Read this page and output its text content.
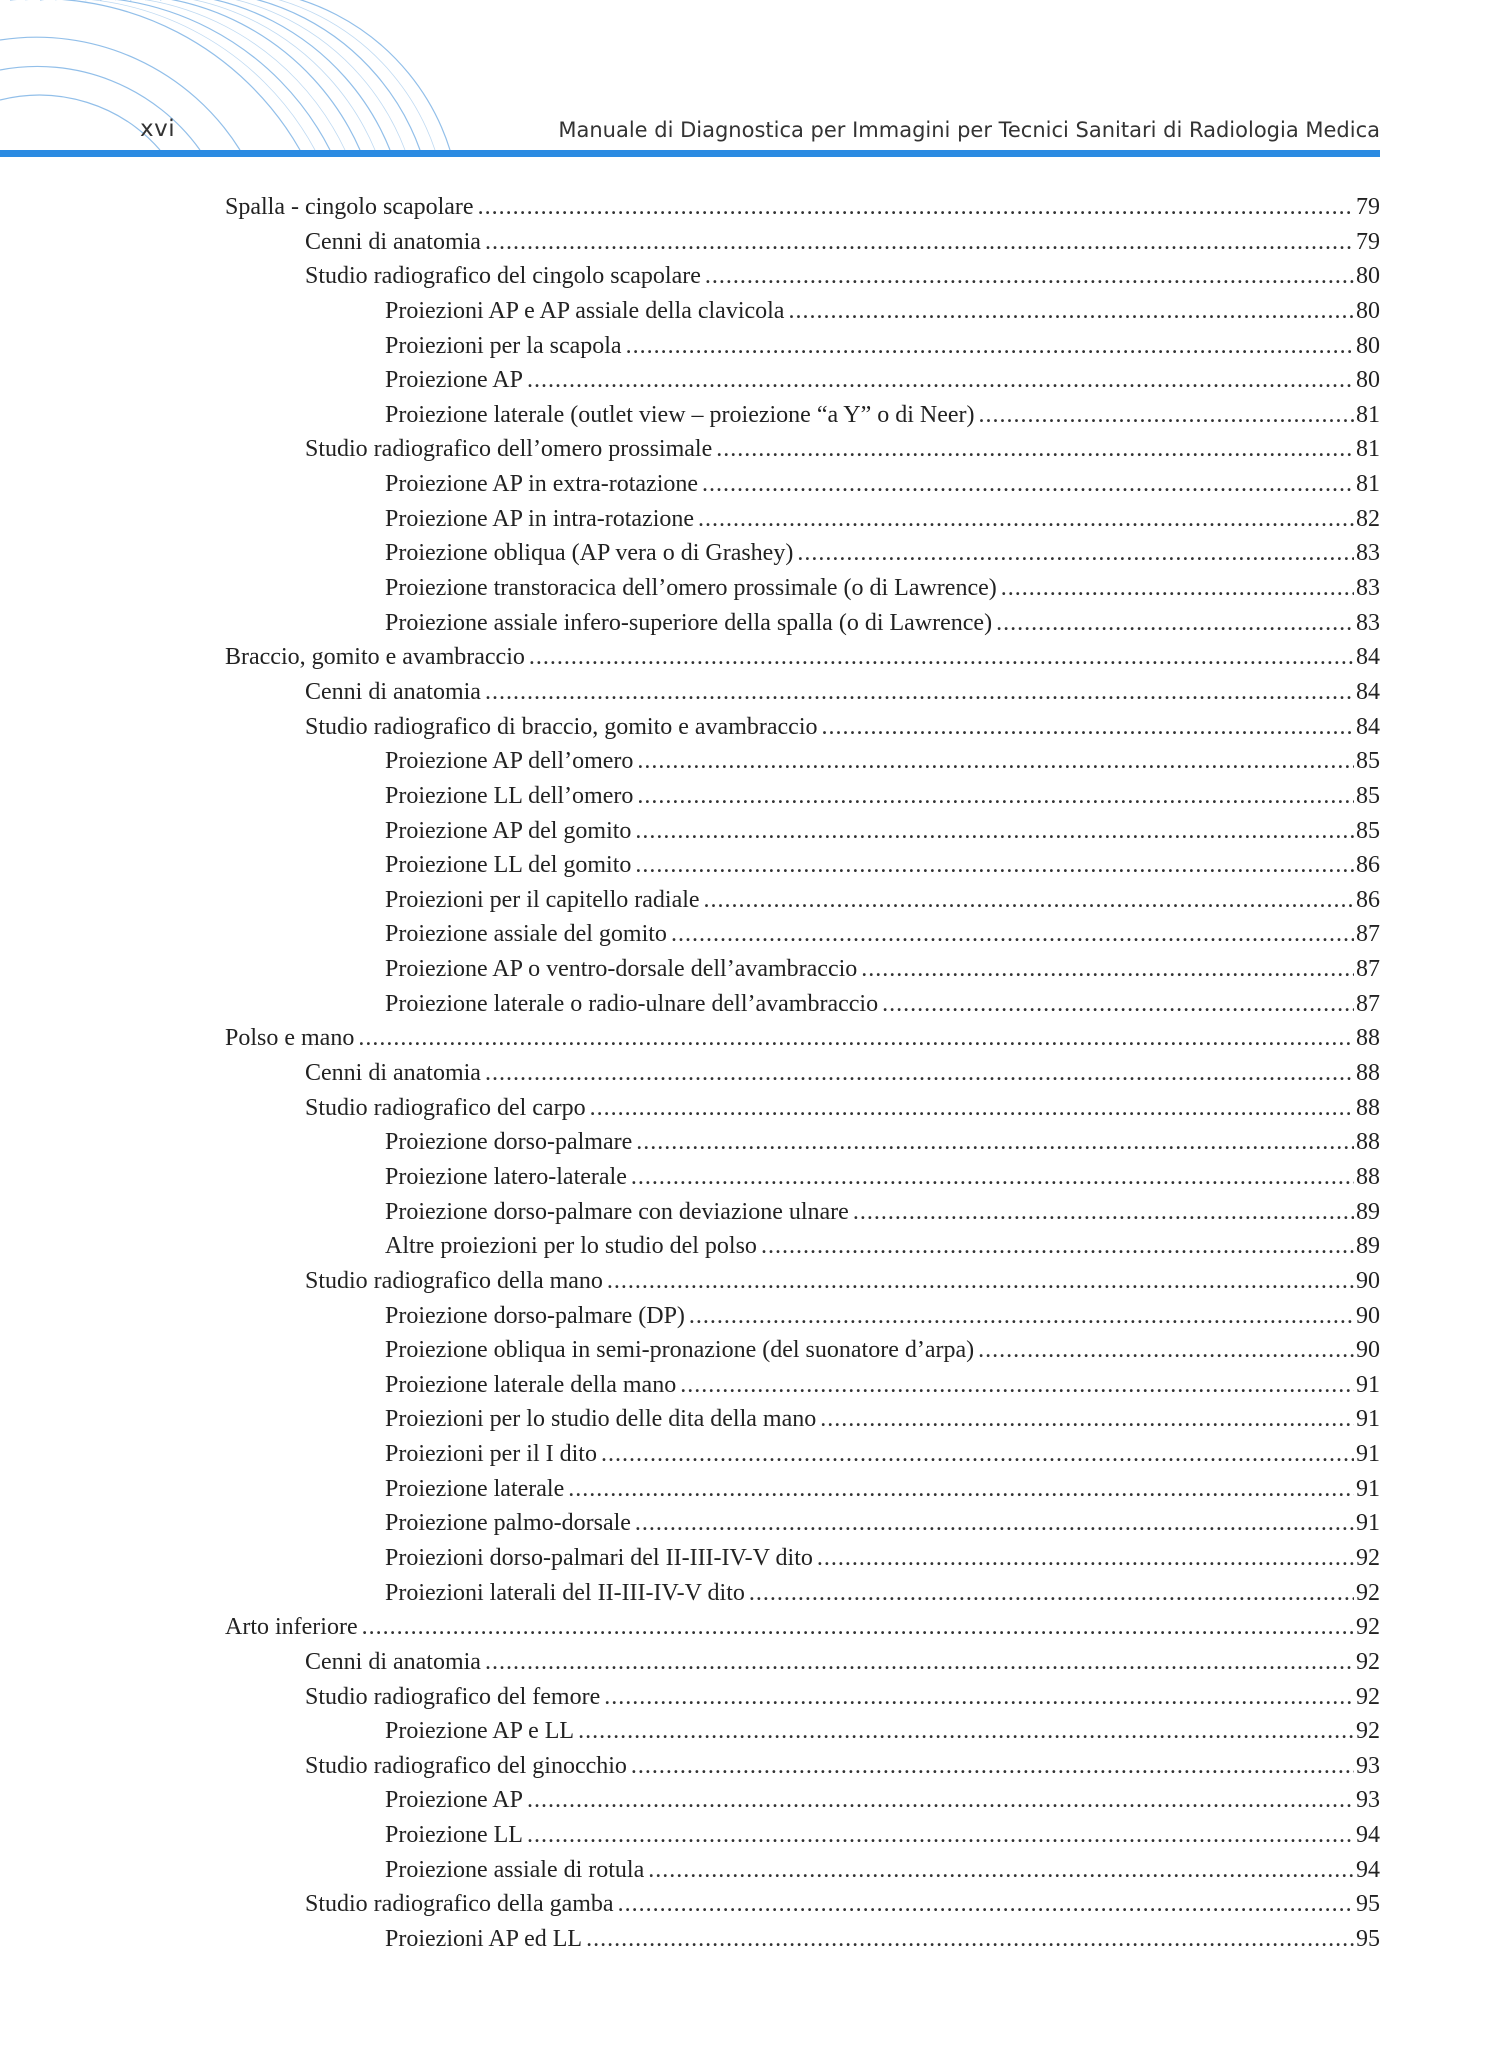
xvi	Manuale di Diagnostica per Immagini per Tecnici Sanitari di Radiologia Medica
Spalla - cingolo scapolare .....	79
Cenni di anatomia .....	79
Studio radiografico del cingolo scapolare .....	80
Proiezioni AP e AP assiale della clavicola .....	80
Proiezioni per la scapola .....	80
Proiezione AP .....	80
Proiezione laterale (outlet view – proiezione “a Y” o di Neer) .....	81
Studio radiografico dell’omero prossimale .....	81
Proiezione AP in extra-rotazione .....	81
Proiezione AP in intra-rotazione .....	82
Proiezione obliqua (AP vera o di Grashey) .....	83
Proiezione transtoracica dell’omero prossimale (o di Lawrence) .....	83
Proiezione assiale infero-superiore della spalla (o di Lawrence) .....	83
Braccio, gomito e avambraccio .....	84
Cenni di anatomia .....	84
Studio radiografico di braccio, gomito e avambraccio .....	84
Proiezione AP dell’omero .....	85
Proiezione LL dell’omero .....	85
Proiezione AP del gomito .....	85
Proiezione LL del gomito .....	86
Proiezioni per il capitello radiale .....	86
Proiezione assiale del gomito .....	87
Proiezione AP o ventro-dorsale dell’avambraccio .....	87
Proiezione laterale o radio-ulnare dell’avambraccio .....	87
Polso e mano .....	88
Cenni di anatomia .....	88
Studio radiografico del carpo .....	88
Proiezione dorso-palmare .....	88
Proiezione latero-laterale .....	88
Proiezione dorso-palmare con deviazione ulnare .....	89
Altre proiezioni per lo studio del polso .....	89
Studio radiografico della mano .....	90
Proiezione dorso-palmare (DP) .....	90
Proiezione obliqua in semi-pronazione (del suonatore d’arpa) .....	90
Proiezione laterale della mano .....	91
Proiezioni per lo studio delle dita della mano .....	91
Proiezioni per il I dito .....	91
Proiezione laterale .....	91
Proiezione palmo-dorsale .....	91
Proiezioni dorso-palmari del II-III-IV-V dito .....	92
Proiezioni laterali del II-III-IV-V dito .....	92
Arto inferiore .....	92
Cenni di anatomia .....	92
Studio radiografico del femore .....	92
Proiezione AP e LL .....	92
Studio radiografico del ginocchio .....	93
Proiezione AP .....	93
Proiezione LL .....	94
Proiezione assiale di rotula .....	94
Studio radiografico della gamba .....	95
Proiezioni AP ed LL .....	95
